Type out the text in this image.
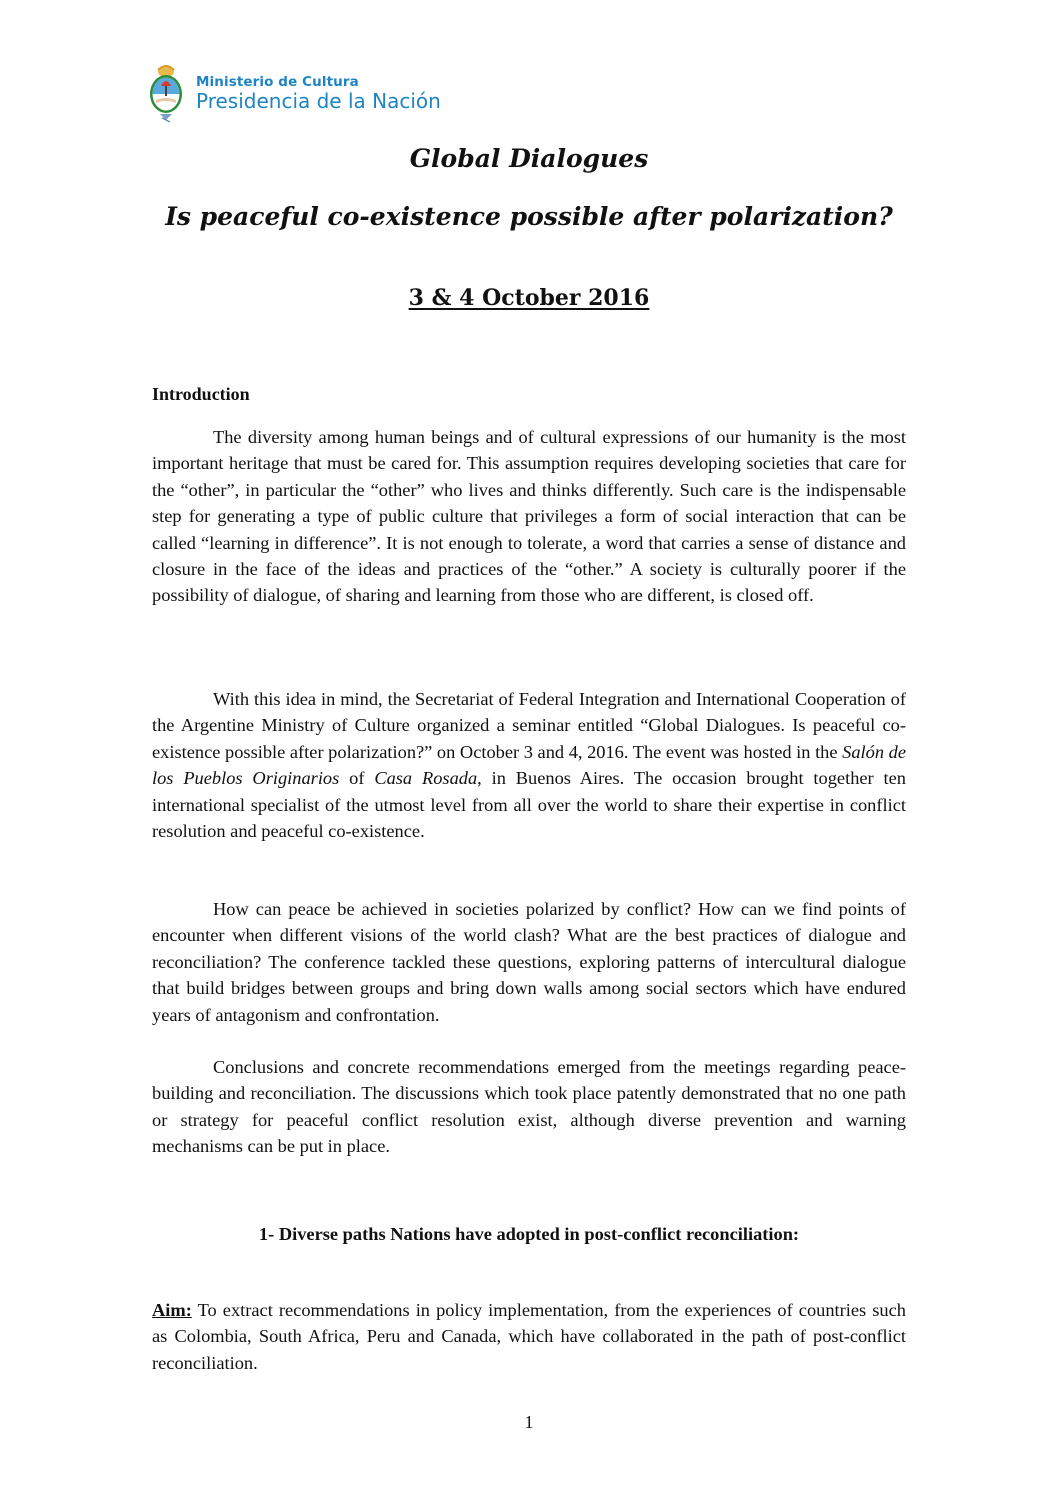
Ministerio de Cultura
Presidencia de la Nación
Global Dialogues
Is peaceful co-existence possible after polarization?
3 & 4 October 2016
Introduction

The diversity among human beings and of cultural expressions of our humanity is the most important heritage that must be cared for. This assumption requires developing societies that care for the “other”, in particular the “other” who lives and thinks differently. Such care is the indispensable step for generating a type of public culture that privileges a form of social interaction that can be called “learning in difference”. It is not enough to tolerate, a word that carries a sense of distance and closure in the face of the ideas and practices of the “other.” A society is culturally poorer if the possibility of dialogue, of sharing and learning from those who are different, is closed off.

With this idea in mind, the Secretariat of Federal Integration and International Cooperation of the Argentine Ministry of Culture organized a seminar entitled “Global Dialogues. Is peaceful co-existence possible after polarization?” on October 3 and 4, 2016. The event was hosted in the Salón de los Pueblos Originarios of Casa Rosada, in Buenos Aires. The occasion brought together ten international specialist of the utmost level from all over the world to share their expertise in conflict resolution and peaceful co-existence.

How can peace be achieved in societies polarized by conflict? How can we find points of encounter when different visions of the world clash? What are the best practices of dialogue and reconciliation? The conference tackled these questions, exploring patterns of intercultural dialogue that build bridges between groups and bring down walls among social sectors which have endured years of antagonism and confrontation.

Conclusions and concrete recommendations emerged from the meetings regarding peace-building and reconciliation. The discussions which took place patently demonstrated that no one path or strategy for peaceful conflict resolution exist, although diverse prevention and warning mechanisms can be put in place.

1- Diverse paths Nations have adopted in post-conflict reconciliation:
Aim: To extract recommendations in policy implementation, from the experiences of countries such as Colombia, South Africa, Peru and Canada, which have collaborated in the path of post-conflict reconciliation.
1
